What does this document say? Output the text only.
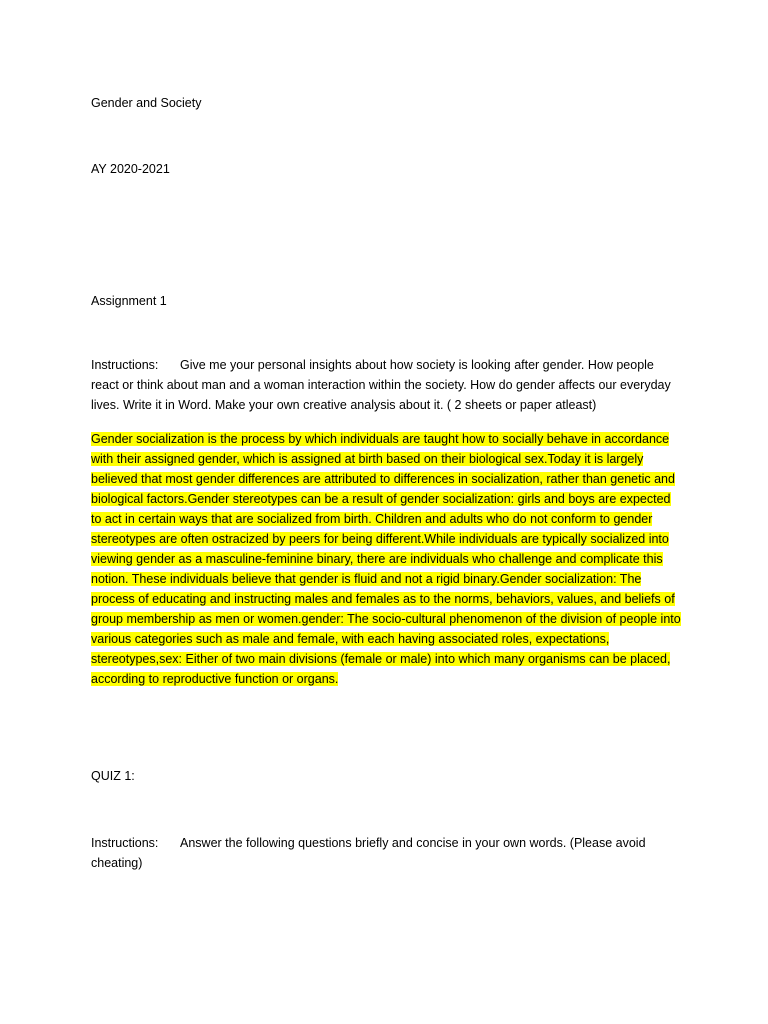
Gender and Society
AY 2020-2021
Assignment 1
Instructions: Give me your personal insights about how society is looking after gender. How people react or think about man and a woman interaction within the society. How do gender affects our everyday lives. Write it in Word. Make your own creative analysis about it. ( 2 sheets or paper atleast)
Gender socialization is the process by which individuals are taught how to socially behave in accordance with their assigned gender, which is assigned at birth based on their biological sex.Today it is largely believed that most gender differences are attributed to differences in socialization, rather than genetic and biological factors.Gender stereotypes can be a result of gender socialization: girls and boys are expected to act in certain ways that are socialized from birth. Children and adults who do not conform to gender stereotypes are often ostracized by peers for being different.While individuals are typically socialized into viewing gender as a masculine-feminine binary, there are individuals who challenge and complicate this notion. These individuals believe that gender is fluid and not a rigid binary.Gender socialization: The process of educating and instructing males and females as to the norms, behaviors, values, and beliefs of group membership as men or women.gender: The socio-cultural phenomenon of the division of people into various categories such as male and female, with each having associated roles, expectations, stereotypes,sex: Either of two main divisions (female or male) into which many organisms can be placed, according to reproductive function or organs.
QUIZ 1:
Instructions: Answer the following questions briefly and concise in your own words. (Please avoid cheating)
